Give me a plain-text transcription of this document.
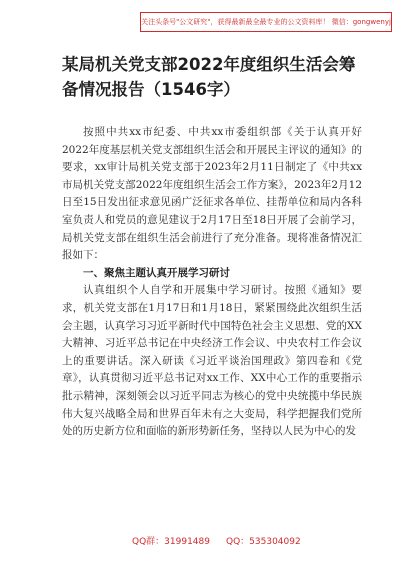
关注头条号"公文研究"，获得最新最全最专业的公文资料库！ 微信：gongwenyj
某局机关党支部2022年度组织生活会筹备情况报告（1546字）

按照中共xx市纪委、中共xx市委组织部《关于认真开好2022年度基层机关党支部组织生活会和开展民主评议的通知》的要求，xx审计局机关党支部于2023年2月11日制定了《中共xx市局机关党支部2022年度组织生活会工作方案》，2023年2月12日至15日发出征求意见函广泛征求各单位、挂帮单位和局内各科室负责人和党员的意见建议于2月17日至18日开展了会前学习，局机关党支部在组织生活会前进行了充分准备。现将准备情况汇报如下：

一、聚焦主题认真开展学习研讨

认真组织个人自学和开展集中学习研讨。按照《通知》要求，机关党支部在1月17日和1月18日，紧紧围绕此次组织生活会主题，认真学习习近平新时代中国特色社会主义思想、党的XX大精神、习近平总书记在中央经济工作会议、中央农村工作会议上的重要讲话。深入研读《习近平谈治国理政》第四卷和《党章》，认真贯彻习近平总书记对xx工作、XX中心工作的重要指示批示精神，深刻领会以习近平同志为核心的党中央统揽中华民族伟大复兴战略全局和世界百年未有之大变局，科学把握我们党所处的历史新方位和面临的新形势新任务，坚持以人民为中心的发

QQ群：31991489 QQ：535304092
